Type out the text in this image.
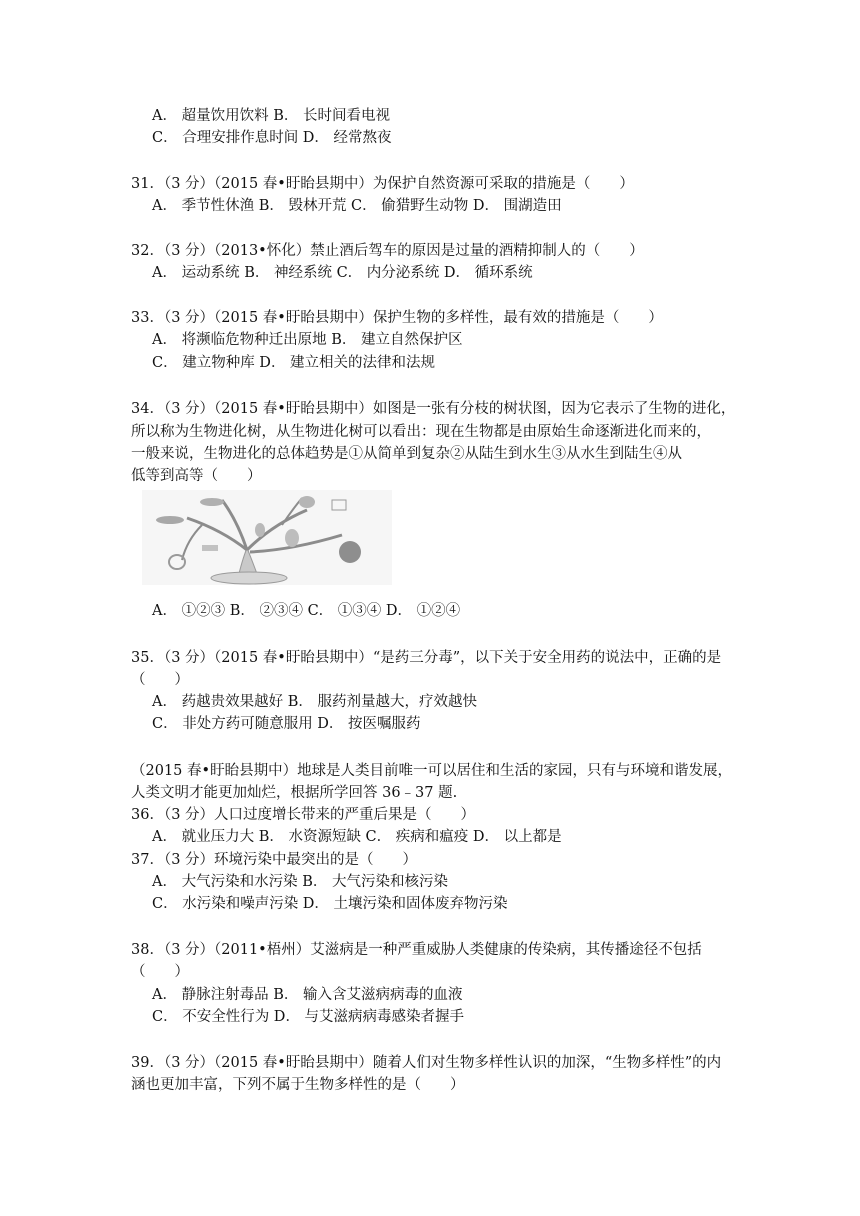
A． 超量饮用饮料 B． 长时间看电视
C． 合理安排作息时间 D． 经常熬夜
31．（3 分）（2015 春•盱眙县期中）为保护自然资源可采取的措施是（　　）
A． 季节性休渔 B． 毁林开荒 C． 偷猎野生动物 D． 围湖造田
32．（3 分）（2013•怀化）禁止酒后驾车的原因是过量的酒精抑制人的（　　）
A． 运动系统 B． 神经系统 C． 内分泌系统 D． 循环系统
33．（3 分）（2015 春•盱眙县期中）保护生物的多样性，最有效的措施是（　　）
A． 将濒临危物种迁出原地 B． 建立自然保护区
C． 建立物种库 D． 建立相关的法律和法规
34．（3 分）（2015 春•盱眙县期中）如图是一张有分枝的树状图，因为它表示了生物的进化，
所以称为生物进化树，从生物进化树可以看出：现在生物都是由原始生命逐渐进化而来的，
一般来说，生物进化的总体趋势是①从简单到复杂②从陆生到水生③从水生到陆生④从
低等到高等（　　）
A． ①②③ B． ②③④ C． ①③④ D． ①②④
35．（3 分）（2015 春•盱眙县期中）“是药三分毒”，以下关于安全用药的说法中，正确的是
（　　）
A． 药越贵效果越好 B． 服药剂量越大，疗效越快
C． 非处方药可随意服用 D． 按医嘱服药
（2015 春•盱眙县期中）地球是人类目前唯一可以居住和生活的家园，只有与环境和谐发展，
人类文明才能更加灿烂，根据所学回答 36﹣37 题.
36．（3 分）人口过度增长带来的严重后果是（　　）
A． 就业压力大 B． 水资源短缺 C． 疾病和瘟疫 D． 以上都是
37．（3 分）环境污染中最突出的是（　　）
A． 大气污染和水污染 B． 大气污染和核污染
C． 水污染和噪声污染 D． 土壤污染和固体废弃物污染
38．（3 分）（2011•梧州）艾滋病是一种严重威胁人类健康的传染病，其传播途径不包括
（　　）
A． 静脉注射毒品 B． 输入含艾滋病病毒的血液
C． 不安全性行为 D． 与艾滋病病毒感染者握手
39．（3 分）（2015 春•盱眙县期中）随着人们对生物多样性认识的加深，“生物多样性”的内
涵也更加丰富，下列不属于生物多样性的是（　　）
